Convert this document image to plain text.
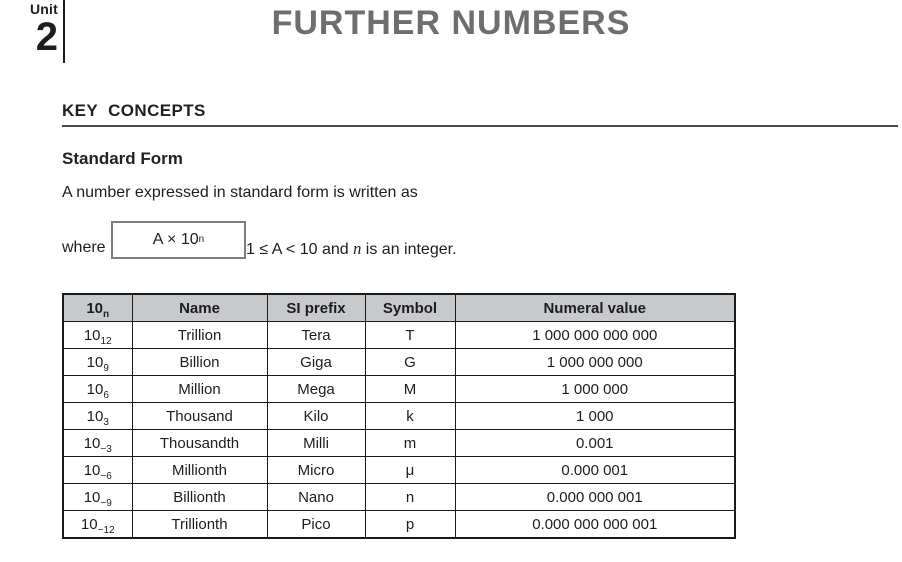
Unit
2	FURTHER NUMBERS
KEY  CONCEPTS
Standard Form

A number expressed in standard form is written as

where	A × 10 n
1 ≤ A < 10 and n is an integer.
$10_n$	Name	SI prefix	Symbol	Numeral value
$10_{12}$	Trillion	Tera	T	1 000 000 000 000
$10_9$	Billion	Giga	G	1 000 000 000
$10_6$	Million	Mega	M	1 000 000
$10_3$	Thousand	Kilo	k	1 000
$10_{-3}$	Thousandth	Milli	m	0.001
$10_{-6}$	Millionth	Micro	μ	0.000 001
$10_{-9}$	Billionth	Nano	n	0.000 000 001
$10_{-12}$	Trillionth	Pico	p	0.000 000 000 001
